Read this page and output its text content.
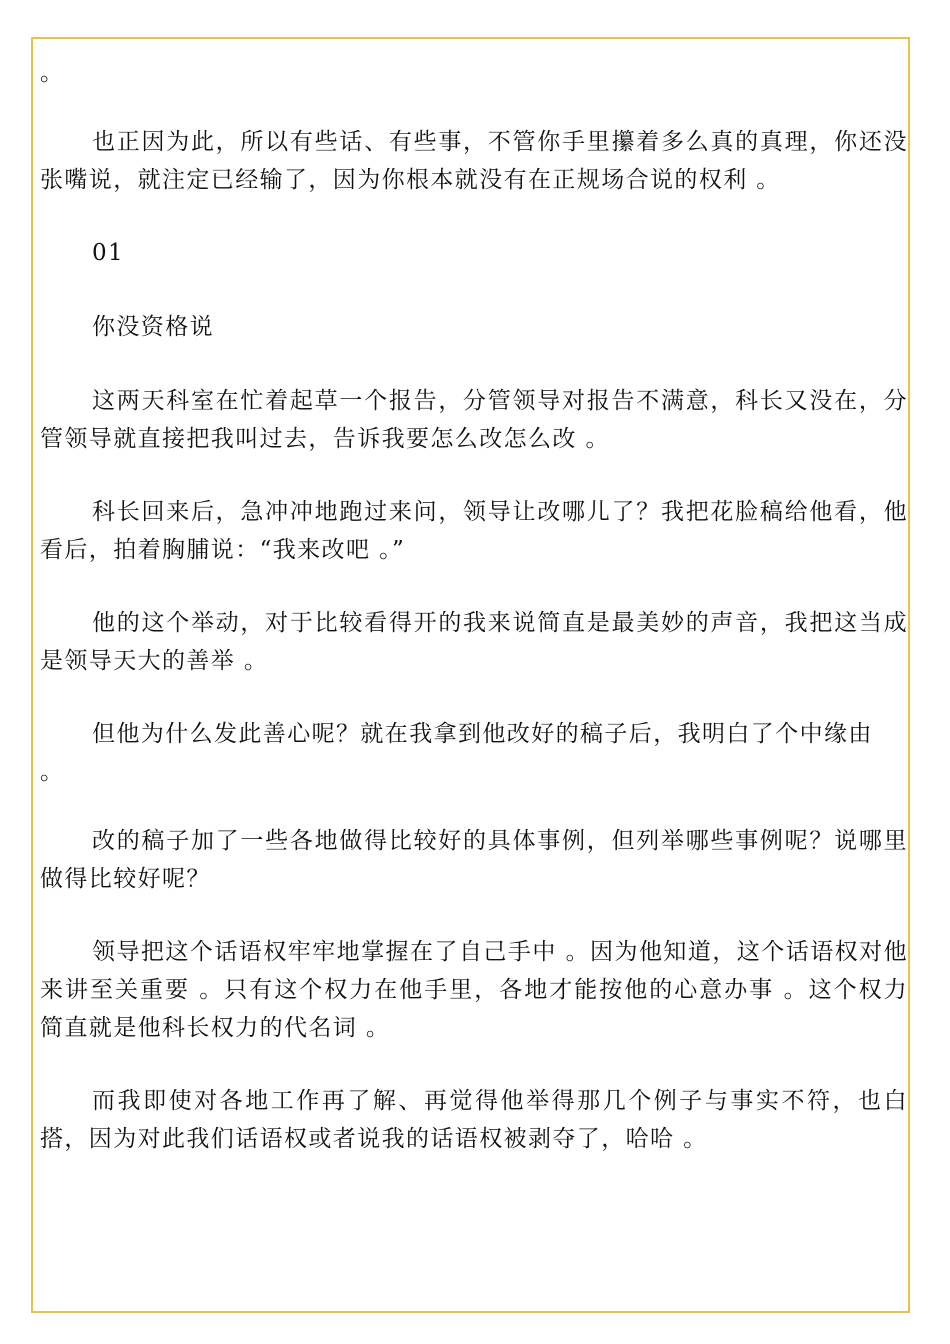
。

也正因为此，所以有些话、有些事，不管你手里攥着多么真的真理，你还没张嘴说，就注定已经输了，因为你根本就没有在正规场合说的权利 。

01

你没资格说

这两天科室在忙着起草一个报告，分管领导对报告不满意，科长又没在，分管领导就直接把我叫过去，告诉我要怎么改怎么改 。

科长回来后，急冲冲地跑过来问，领导让改哪儿了？我把花脸稿给他看，他看后，拍着胸脯说：“我来改吧 。”

他的这个举动，对于比较看得开的我来说简直是最美妙的声音，我把这当成是领导天大的善举 。

但他为什么发此善心呢？就在我拿到他改好的稿子后，我明白了个中缘由

。

改的稿子加了一些各地做得比较好的具体事例，但列举哪些事例呢？说哪里做得比较好呢？

领导把这个话语权牢牢地掌握在了自己手中 。因为他知道，这个话语权对他来讲至关重要 。只有这个权力在他手里，各地才能按他的心意办事 。这个权力简直就是他科长权力的代名词 。

而我即使对各地工作再了解、再觉得他举得那几个例子与事实不符，也白搭，因为对此我们话语权或者说我的话语权被剥夺了，哈哈 。
